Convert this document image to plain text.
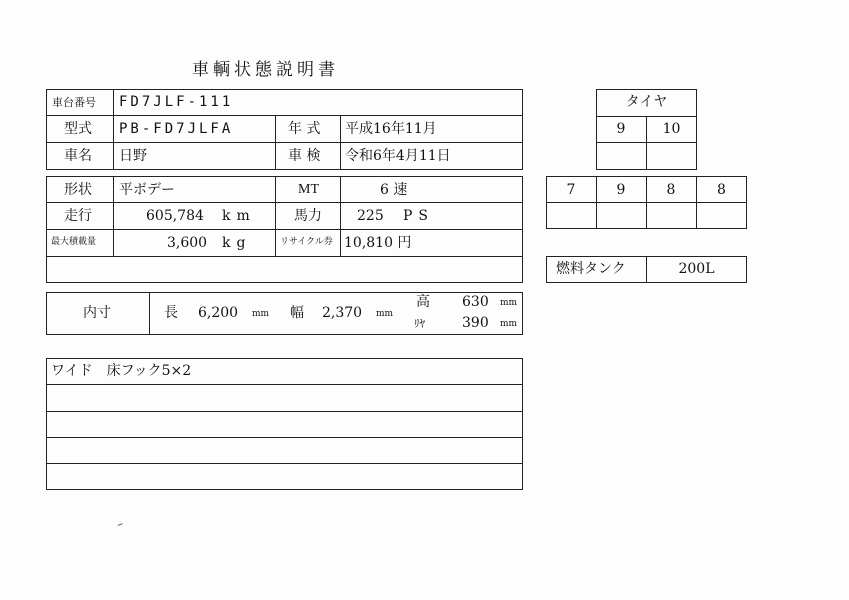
車輌状態説明書
車台番号 FD7JLF-111
型式 PB-FD7JLFA	年 式 平成16年11月
車名 日野	車 検 令和6年4月11日
形状 平ボデー	MT	6 速
走行	605,784 km	馬力	225 PS
最大積載量	3,600 kg	リサイクル券 10,810 円
内寸	長 6,200 mm 幅 2,370 mm
高 630 mm
ﾘﾔ	390 mm
ワイド　床フック5×2
タイヤ
9	10
7	9	8	8
燃料タンク	200L
